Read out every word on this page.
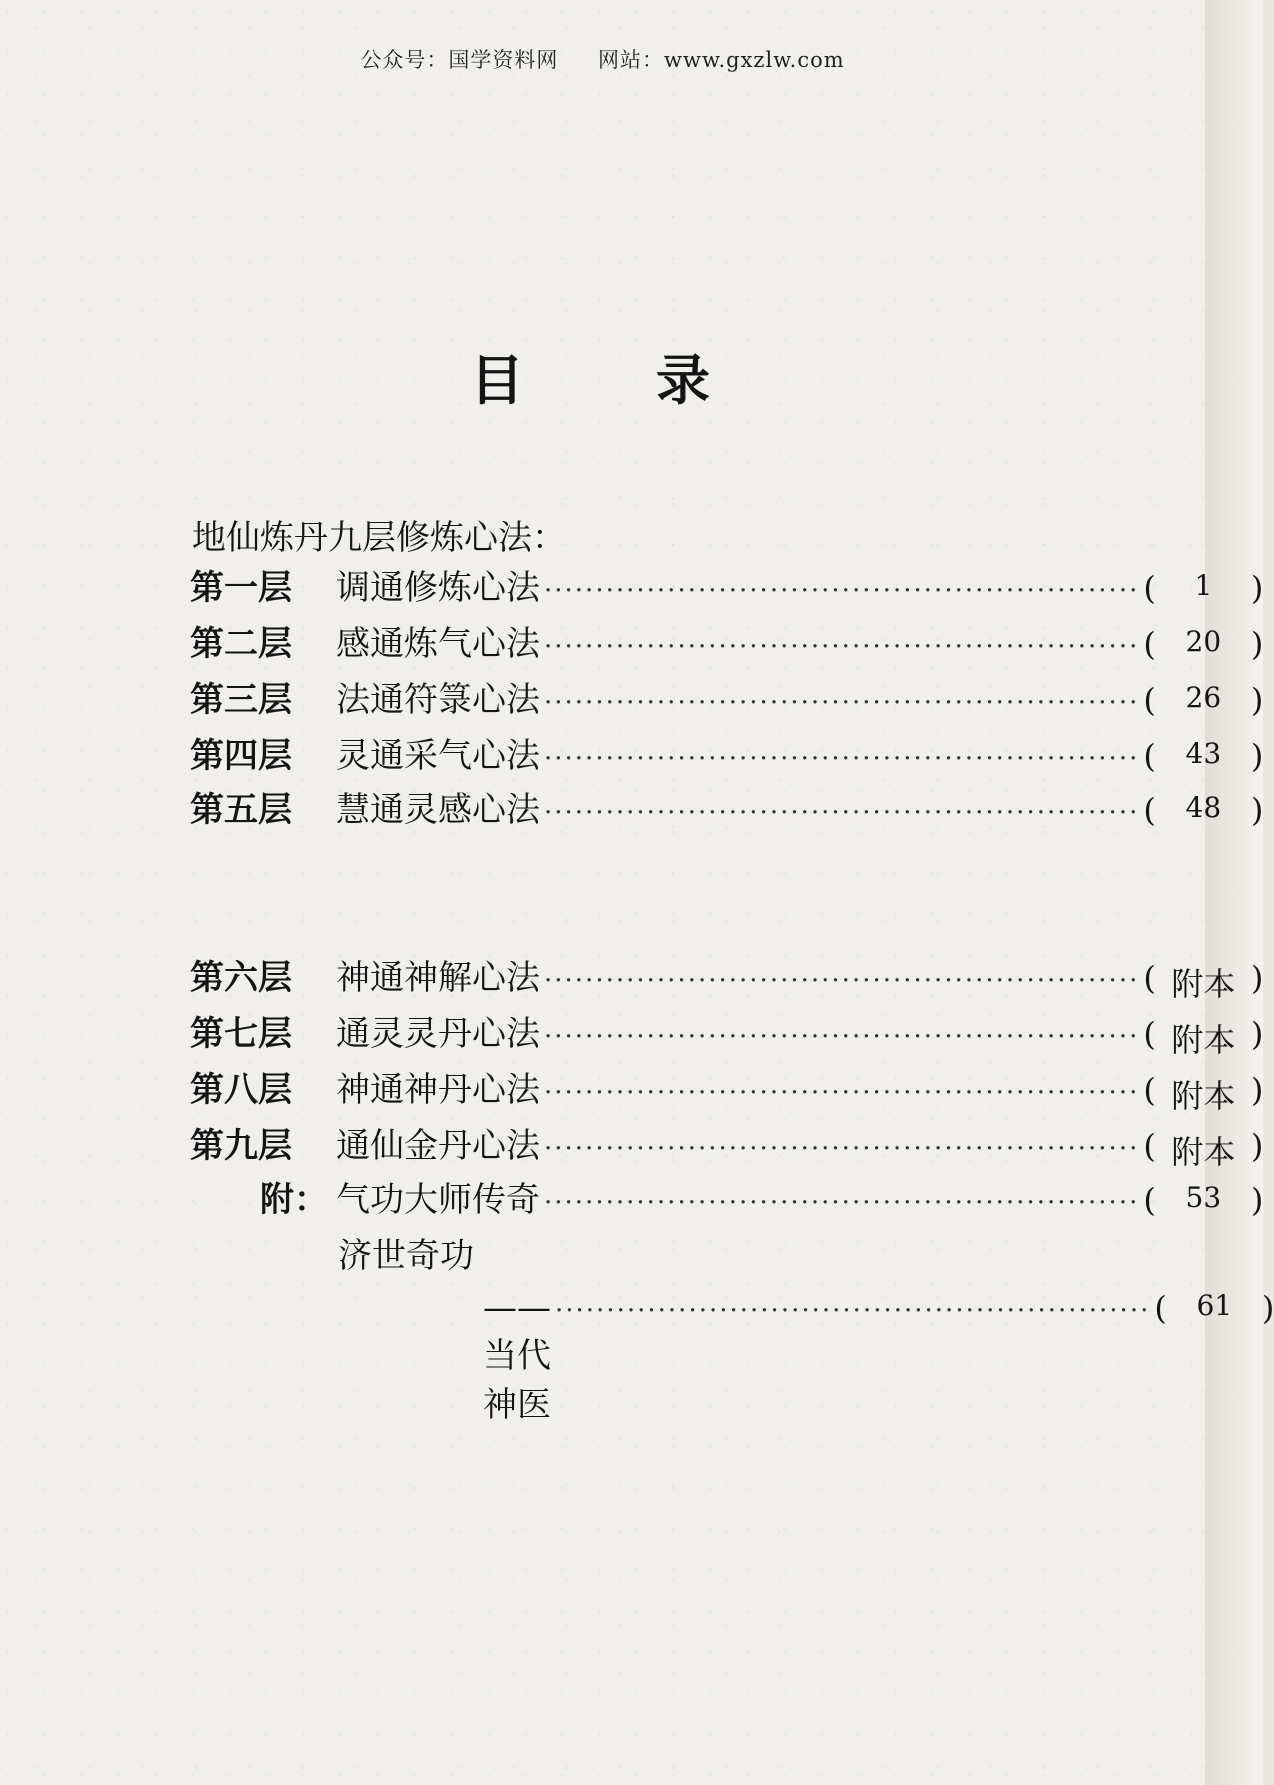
公众号：国学资料网 网站：www.gxzlw.com
目 录
地仙炼丹九层修炼心法：
第一层	调通修炼心法 ·························································· ( 1 )
第二层	感通炼气心法 ·························································· ( 20 )
第三层	法通符箓心法 ·························································· ( 26 )
第四层	灵通采气心法 ·························································· ( 43 )
第五层	慧通灵感心法 ·························································· ( 48 )
第六层	神通神解心法 ·························································· ( 附本 )
第七层	通灵灵丹心法 ·························································· ( 附本 )
第八层	神通神丹心法 ·························································· ( 附本 )
第九层	通仙金丹心法 ·························································· ( 附本 )
附： 气功大师传奇 ·························································· ( 53 )
济世奇功
——当代神医
·························································· ( 61 )
